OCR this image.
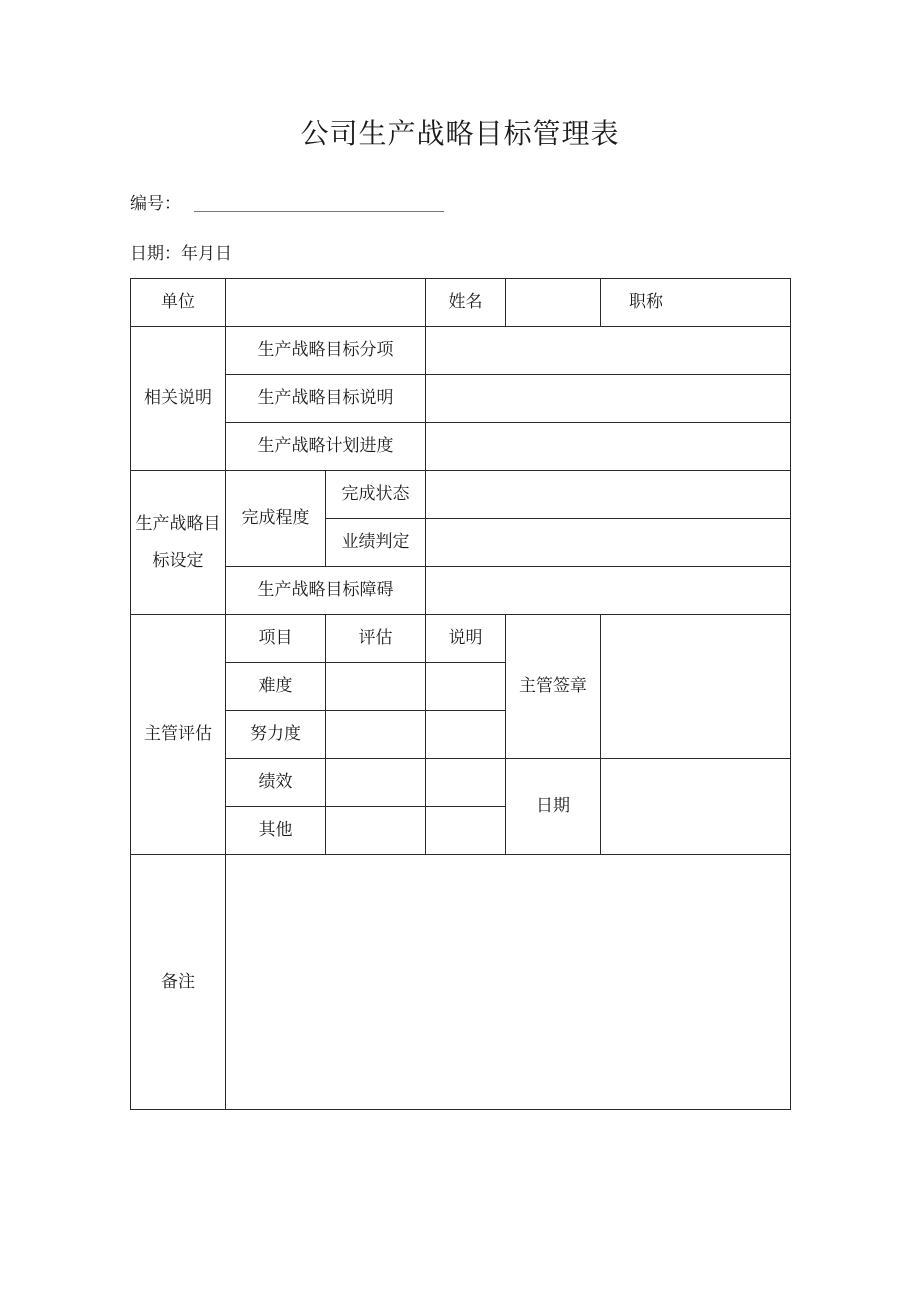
公司生产战略目标管理表
编号：
日期：年月日
单位			姓名		职称
相关说明	生产战略目标分项				
	生产战略目标说明				
	生产战略计划进度				
生产战略目标设定	完成程度	完成状态			
		业绩判定			
	生产战略目标障碍				
主管评估	项目	评估	说明	主管签章	
	难度				
	努力度				
	绩效			日期	
	其他				
备注					
